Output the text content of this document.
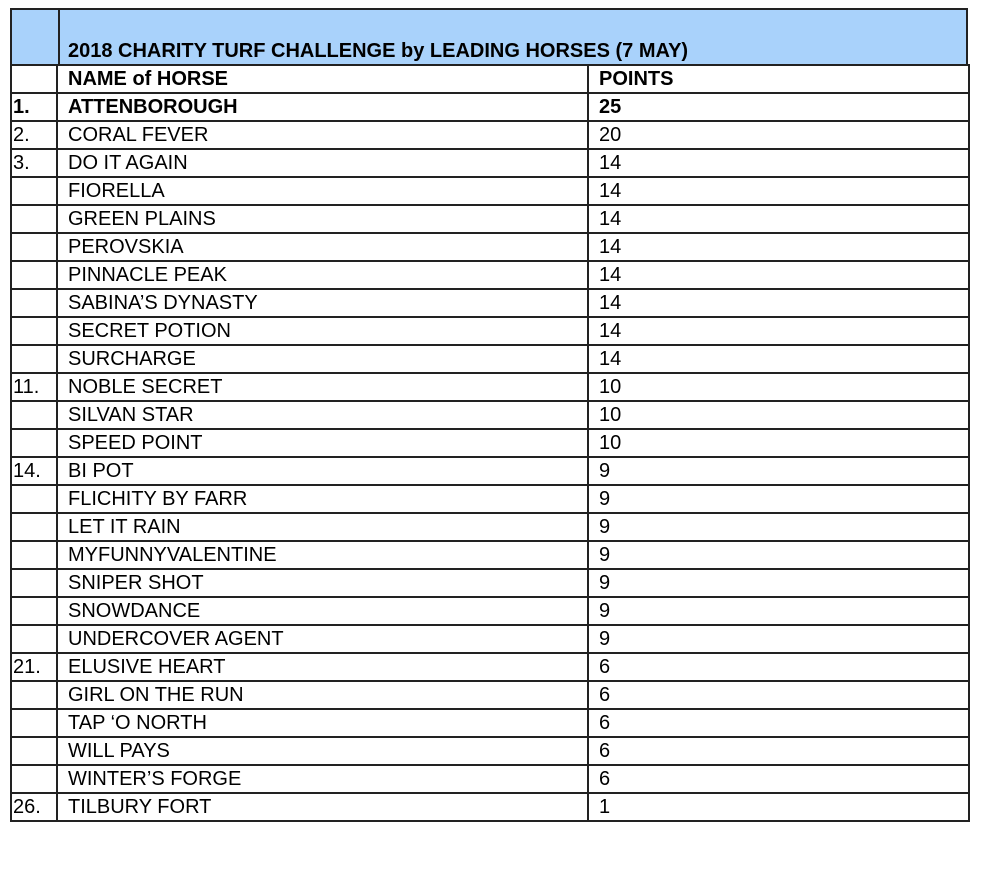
2018 CHARITY TURF CHALLENGE by LEADING HORSES (7 MAY)
	NAME of HORSE	POINTS
1.	ATTENBOROUGH	25
2.	CORAL FEVER	20
3.	DO IT AGAIN	14
	FIORELLA	14
	GREEN PLAINS	14
	PEROVSKIA	14
	PINNACLE PEAK	14
	SABINA’S DYNASTY	14
	SECRET POTION	14
	SURCHARGE	14
11.	NOBLE SECRET	10
	SILVAN STAR	10
	SPEED POINT	10
14.	BI POT	9
	FLICHITY BY FARR	9
	LET IT RAIN	9
	MYFUNNYVALENTINE	9
	SNIPER SHOT	9
	SNOWDANCE	9
	UNDERCOVER AGENT	9
21.	ELUSIVE HEART	6
	GIRL ON THE RUN	6
	TAP ‘O NORTH	6
	WILL PAYS	6
	WINTER’S FORGE	6
26.	TILBURY FORT	1
